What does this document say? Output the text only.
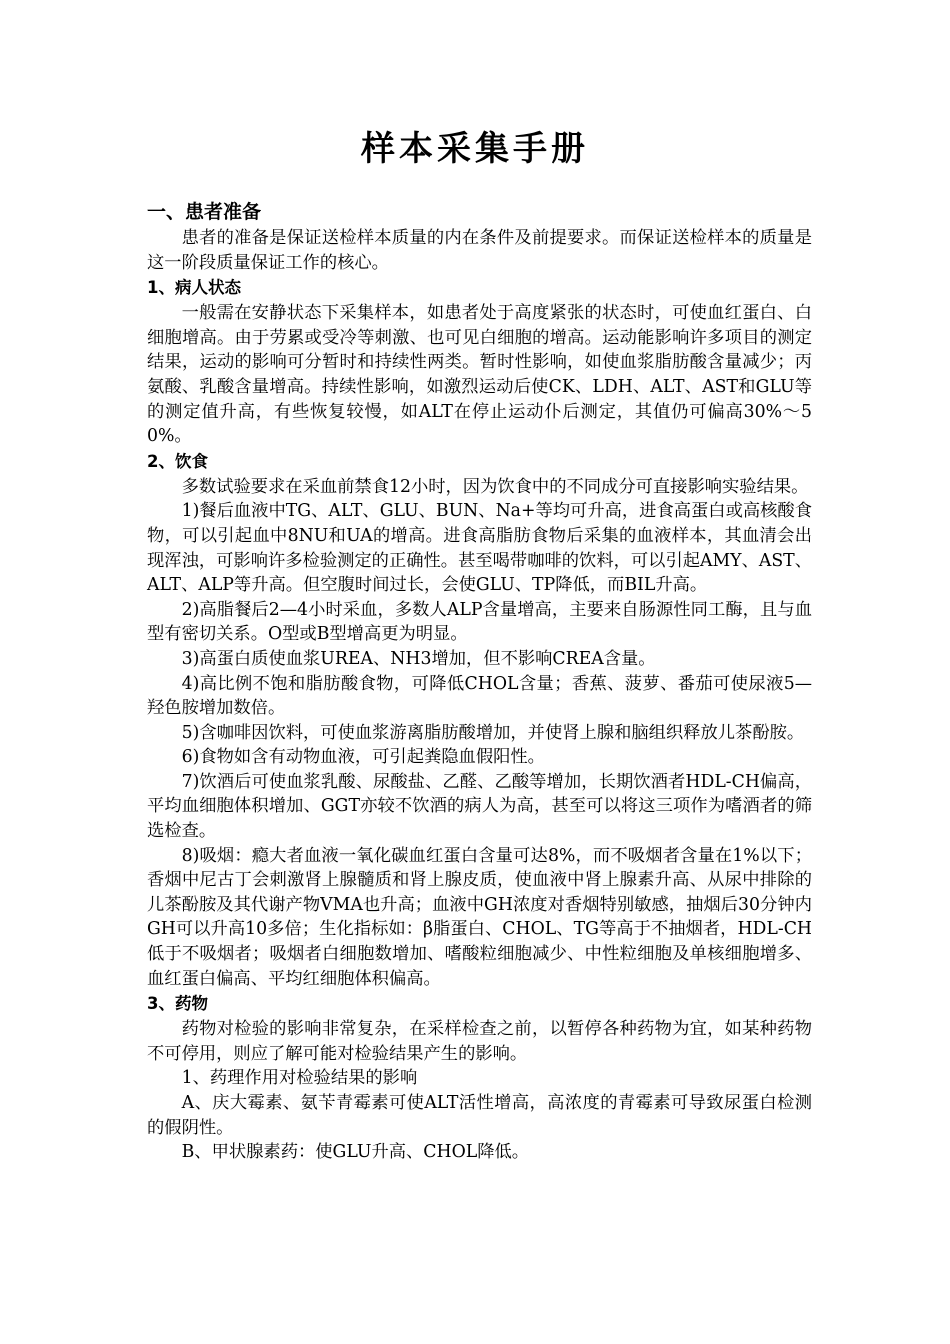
样本采集手册

一、患者准备

患者的准备是保证送检样本质量的内在条件及前提要求。而保证送检样本的质量是这一阶段质量保证工作的核心。

1、病人状态

一般需在安静状态下采集样本，如患者处于高度紧张的状态时，可使血红蛋白、白细胞增高。由于劳累或受冷等刺激、也可见白细胞的增高。运动能影响许多项目的测定结果，运动的影响可分暂时和持续性两类。暂时性影响，如使血浆脂肪酸含量减少；丙氨酸、乳酸含量增高。持续性影响，如激烈运动后使CK、LDH、ALT、AST和GLU等的测定值升高，有些恢复较慢，如ALT在停止运动仆后测定，其值仍可偏高30%～50%。

2、饮食

多数试验要求在采血前禁食12小时，因为饮食中的不同成分可直接影响实验结果。

1)餐后血液中TG、ALT、GLU、BUN、Na+等均可升高，进食高蛋白或高核酸食物，可以引起血中8NU和UA的增高。进食高脂肪食物后采集的血液样本，其血清会出现浑浊，可影响许多检验测定的正确性。甚至喝带咖啡的饮料，可以引起AMY、AST、ALT、ALP等升高。但空腹时间过长，会使GLU、TP降低，而BIL升高。

2)高脂餐后2—4小时采血，多数人ALP含量增高，主要来自肠源性同工酶，且与血型有密切关系。O型或B型增高更为明显。

3)高蛋白质使血浆UREA、NH3增加，但不影响CREA含量。

4)高比例不饱和脂肪酸食物，可降低CHOL含量；香蕉、菠萝、番茄可使尿液5—羟色胺增加数倍。

5)含咖啡因饮料，可使血浆游离脂肪酸增加，并使肾上腺和脑组织释放儿茶酚胺。

6)食物如含有动物血液，可引起粪隐血假阳性。

7)饮酒后可使血浆乳酸、尿酸盐、乙醛、乙酸等增加，长期饮酒者HDL-CH偏高，平均血细胞体积增加、GGT亦较不饮酒的病人为高，甚至可以将这三项作为嗜酒者的筛选检查。

8)吸烟：瘾大者血液一氧化碳血红蛋白含量可达8%，而不吸烟者含量在1%以下；香烟中尼古丁会刺激肾上腺髓质和肾上腺皮质，使血液中肾上腺素升高、从尿中排除的儿茶酚胺及其代谢产物VMA也升高；血液中GH浓度对香烟特别敏感，抽烟后30分钟内GH可以升高10多倍；生化指标如：β脂蛋白、CHOL、TG等高于不抽烟者，HDL-CH低于不吸烟者；吸烟者白细胞数增加、嗜酸粒细胞减少、中性粒细胞及单核细胞增多、血红蛋白偏高、平均红细胞体积偏高。

3、药物

药物对检验的影响非常复杂，在采样检查之前，以暂停各种药物为宜，如某种药物不可停用，则应了解可能对检验结果产生的影响。

1、药理作用对检验结果的影响

A、庆大霉素、氨苄青霉素可使ALT活性增高，高浓度的青霉素可导致尿蛋白检测的假阴性。

B、甲状腺素药：使GLU升高、CHOL降低。
